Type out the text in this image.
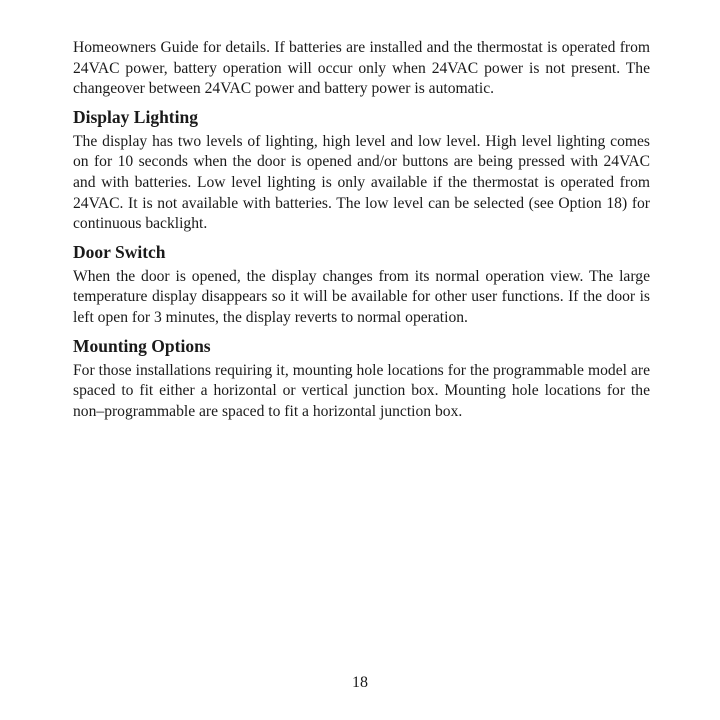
Homeowners Guide for details. If batteries are installed and the thermostat is operated from 24VAC power, battery operation will occur only when 24VAC power is not present. The changeover between 24VAC power and battery power is automatic.

Display Lighting

The display has two levels of lighting, high level and low level. High level lighting comes on for 10 seconds when the door is opened and/or buttons are being pressed with 24VAC and with batteries. Low level lighting is only available if the thermostat is operated from 24VAC. It is not available with batteries. The low level can be selected (see Option 18) for continuous backlight.

Door Switch

When the door is opened, the display changes from its normal operation view. The large temperature display disappears so it will be available for other user functions. If the door is left open for 3 minutes, the display reverts to normal operation.

Mounting Options

For those installations requiring it, mounting hole locations for the programmable model are spaced to fit either a horizontal or vertical junction box. Mounting hole locations for the non–programmable are spaced to fit a horizontal junction box.

18
